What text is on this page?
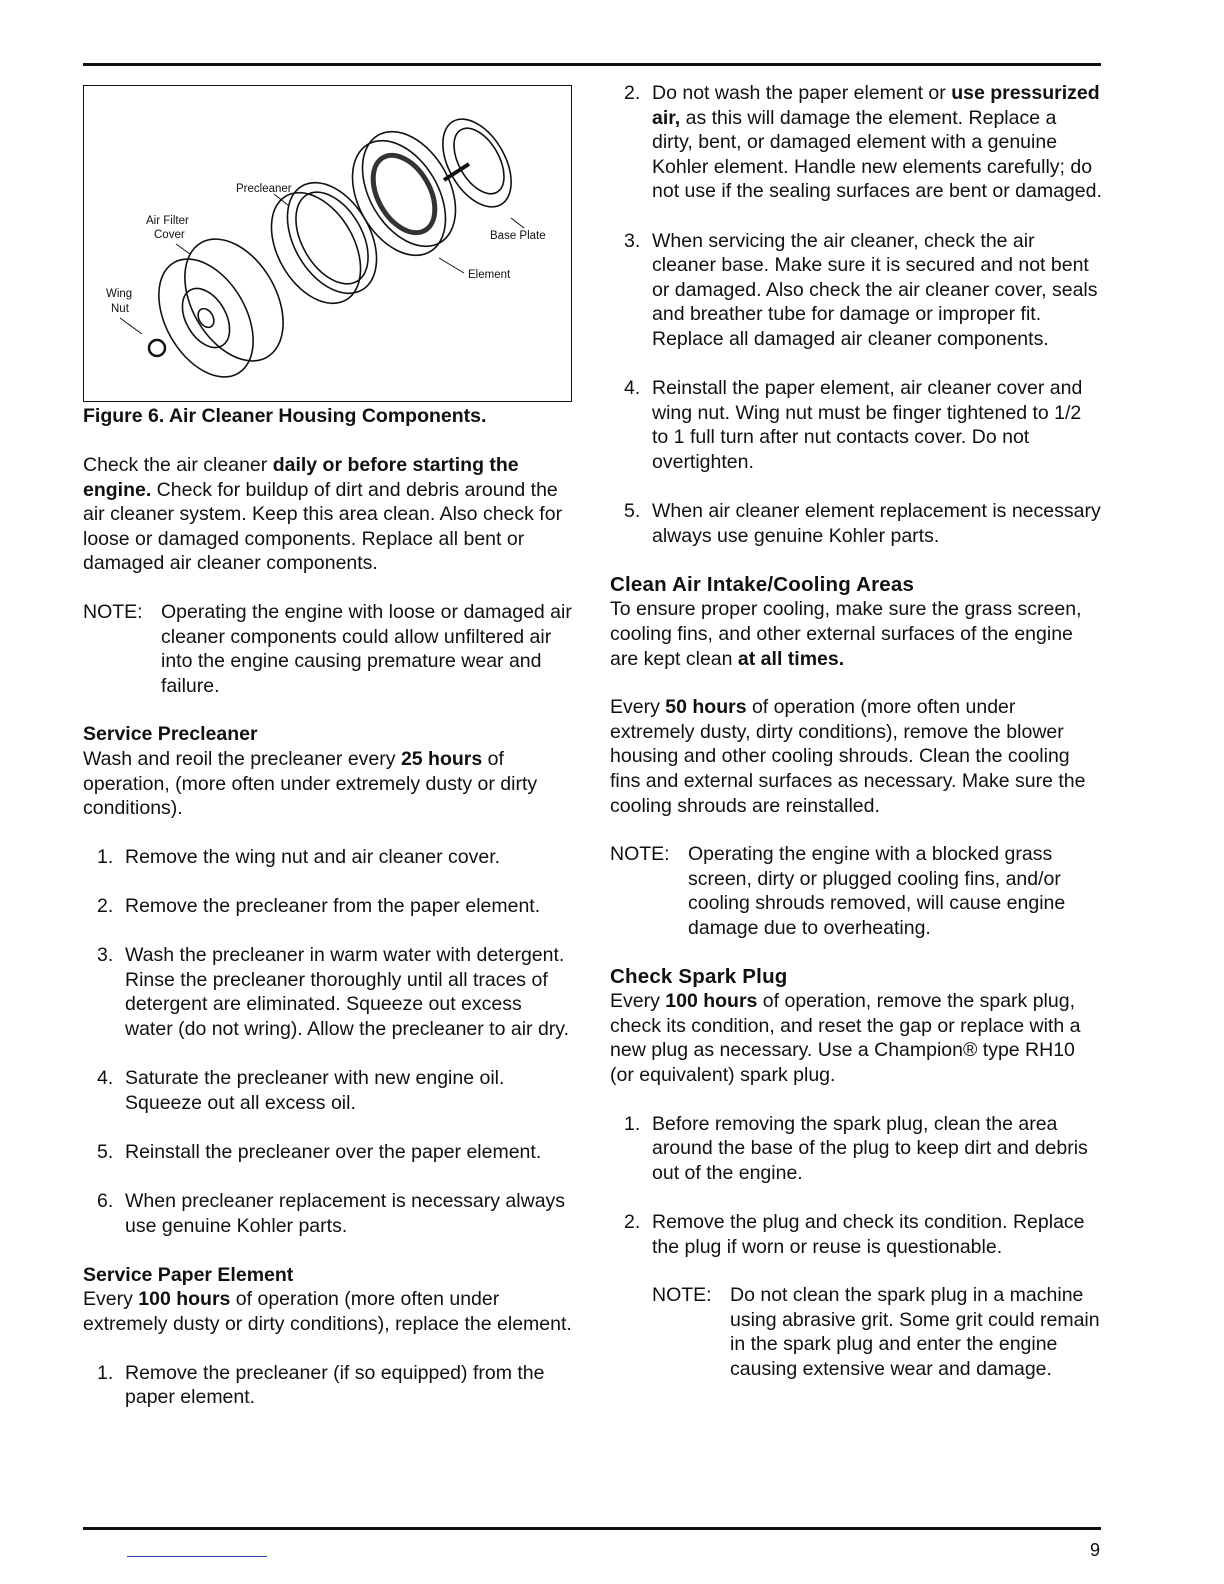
Precleaner
Air Filter
Cover	Base Plate
Element
Wing
Nut
Figure 6. Air Cleaner Housing Components.

Check the air cleaner daily or before starting the engine. Check for buildup of dirt and debris around the air cleaner system. Keep this area clean. Also check for loose or damaged components. Replace all bent or damaged air cleaner components.

NOTE: Operating the engine with loose or damaged air cleaner components could allow unfiltered air into the engine causing premature wear and failure.

Service Precleaner

Wash and reoil the precleaner every 25 hours of operation, (more often under extremely dusty or dirty conditions).

1. Remove the wing nut and air cleaner cover.
2. Remove the precleaner from the paper element.
3. Wash the precleaner in warm water with detergent. Rinse the precleaner thoroughly until all traces of detergent are eliminated. Squeeze out excess water (do not wring). Allow the precleaner to air dry.
4. Saturate the precleaner with new engine oil. Squeeze out all excess oil.
5. Reinstall the precleaner over the paper element.
6. When precleaner replacement is necessary always use genuine Kohler parts.

Service Paper Element

Every 100 hours of operation (more often under extremely dusty or dirty conditions), replace the element.

1. Remove the precleaner (if so equipped) from the paper element.
2. Do not wash the paper element or use pressurized air, as this will damage the element. Replace a dirty, bent, or damaged element with a genuine Kohler element. Handle new elements carefully; do not use if the sealing surfaces are bent or damaged.
3. When servicing the air cleaner, check the air cleaner base. Make sure it is secured and not bent or damaged. Also check the air cleaner cover, seals and breather tube for damage or improper fit. Replace all damaged air cleaner components.
4. Reinstall the paper element, air cleaner cover and wing nut. Wing nut must be finger tightened to 1/2 to 1 full turn after nut contacts cover. Do not overtighten.
5. When air cleaner element replacement is necessary always use genuine Kohler parts.

Clean Air Intake/Cooling Areas

To ensure proper cooling, make sure the grass screen, cooling fins, and other external surfaces of the engine are kept clean at all times.

Every 50 hours of operation (more often under extremely dusty, dirty conditions), remove the blower housing and other cooling shrouds. Clean the cooling fins and external surfaces as necessary. Make sure the cooling shrouds are reinstalled.

NOTE: Operating the engine with a blocked grass screen, dirty or plugged cooling fins, and/or cooling shrouds removed, will cause engine damage due to overheating.

Check Spark Plug

Every 100 hours of operation, remove the spark plug, check its condition, and reset the gap or replace with a new plug as necessary. Use a Champion® type RH10 (or equivalent) spark plug.

1. Before removing the spark plug, clean the area around the base of the plug to keep dirt and debris out of the engine.
2. Remove the plug and check its condition. Replace the plug if worn or reuse is questionable.

NOTE: Do not clean the spark plug in a machine using abrasive grit. Some grit could remain in the spark plug and enter the engine causing extensive wear and damage.

9
